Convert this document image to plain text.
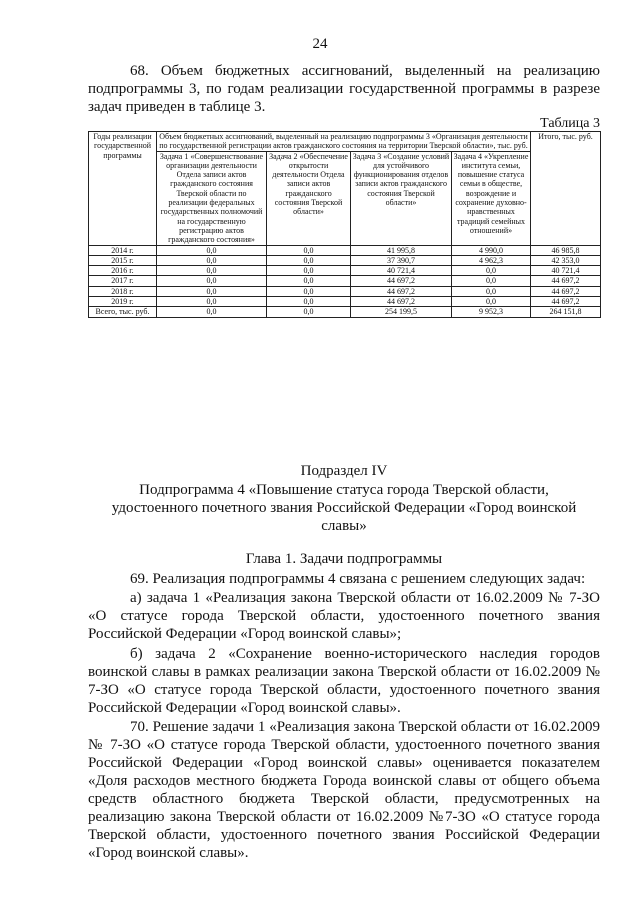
24

68. Объем бюджетных ассигнований, выделенный на реализацию подпрограммы 3, по годам реализации государственной программы в разрезе задач приведен в таблице 3.

Таблица 3
Годы реализации государственной программы	Объем бюджетных ассигнований, выделенный на реализацию подпрограммы 3 «Организация деятельности по государственной регистрации актов гражданского состояния на территории Тверской области», тыс. руб.				Итого, тыс. руб.
	Задача 1 «Совершенствование организации деятельности Отдела записи актов гражданского состояния Тверской области по реализации федеральных государственных полномочий на государственную регистрацию актов гражданского состояния»	Задача 2 «Обеспечение открытости деятельности Отдела записи актов гражданского состояния Тверской области»	Задача 3 «Создание условий для устойчивого функционирования отделов записи актов гражданского состояния Тверской области»	Задача 4 «Укрепление института семьи, повышение статуса семьи в обществе, возрождение и сохранение духовно-нравственных традиций семейных отношений»	
2014 г.	0,0	0,0	41 995,8	4 990,0	46 985,8
2015 г.	0,0	0,0	37 390,7	4 962,3	42 353,0
2016 г.	0,0	0,0	40 721,4	0,0	40 721,4
2017 г.	0,0	0,0	44 697,2	0,0	44 697,2
2018 г.	0,0	0,0	44 697,2	0,0	44 697,2
2019 г.	0,0	0,0	44 697,2	0,0	44 697,2
Всего, тыс. руб.	0,0	0,0	254 199,5	9 952,3	264 151,8
Подраздел IV
Подпрограмма 4 «Повышение статуса города Тверской области, удостоенного почетного звания Российской Федерации «Город воинской славы»
Глава 1. Задачи подпрограммы

69. Реализация подпрограммы 4 связана с решением следующих задач:

а) задача 1 «Реализация закона Тверской области от 16.02.2009 № 7-ЗО «О статусе города Тверской области, удостоенного почетного звания Российской Федерации «Город воинской славы»;

б) задача 2 «Сохранение военно-исторического наследия городов воинской славы в рамках реализации закона Тверской области от 16.02.2009 № 7-ЗО «О статусе города Тверской области, удостоенного почетного звания Российской Федерации «Город воинской славы».

70. Решение задачи 1 «Реализация закона Тверской области от 16.02.2009 № 7-ЗО «О статусе города Тверской области, удостоенного почетного звания Российской Федерации «Город воинской славы» оценивается показателем «Доля расходов местного бюджета Города воинской славы от общего объема средств областного бюджета Тверской области, предусмотренных на реализацию закона Тверской области от 16.02.2009 №7-ЗО «О статусе города Тверской области, удостоенного почетного звания Российской Федерации «Город воинской славы».
